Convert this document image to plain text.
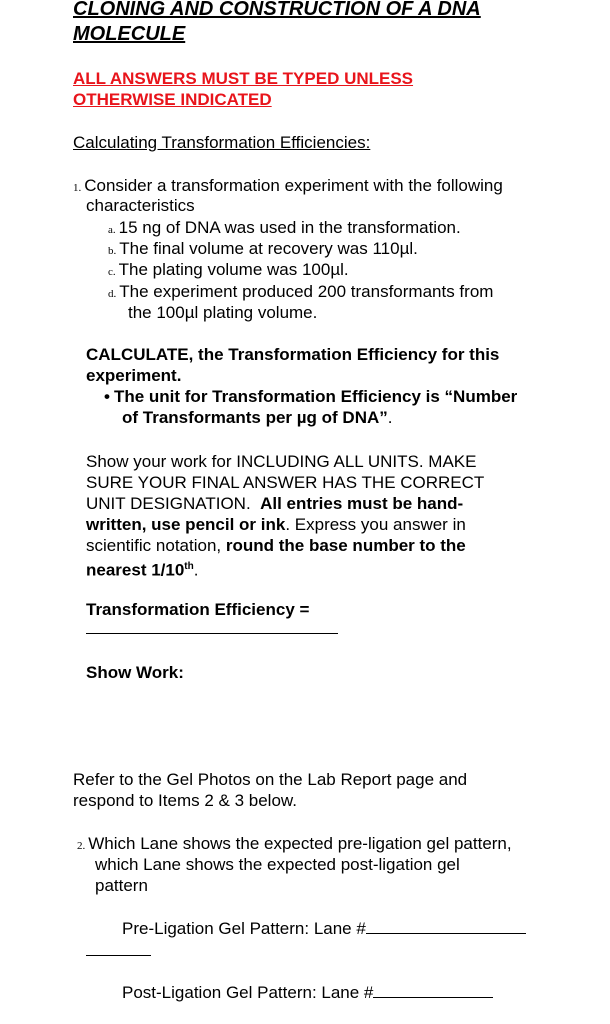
CLONING AND CONSTRUCTION OF A DNA
MOLECULE
ALL ANSWERS MUST BE TYPED UNLESS
OTHERWISE INDICATED
Calculating Transformation Efficiencies:
1. Consider a transformation experiment with the following
characteristics
a. 15 ng of DNA was used in the transformation.
b. The final volume at recovery was 110µl.
c. The plating volume was 100µl.
d. The experiment produced 200 transformants from
the 100µl plating volume.
CALCULATE, the Transformation Efficiency for this
experiment.
• The unit for Transformation Efficiency is “Number
of Transformants per µg of DNA”.
Show your work for INCLUDING ALL UNITS. MAKE
SURE YOUR FINAL ANSWER HAS THE CORRECT
UNIT DESIGNATION.  All entries must be hand-
written, use pencil or ink. Express you answer in
scientific notation, round the base number to the
nearest 1/10th.
Transformation Efficiency =
Show Work:
Refer to the Gel Photos on the Lab Report page and
respond to Items 2 & 3 below.
2. Which Lane shows the expected pre-ligation gel pattern,
which Lane shows the expected post-ligation gel
pattern
Pre-Ligation Gel Pattern: Lane #
Post-Ligation Gel Pattern: Lane #
